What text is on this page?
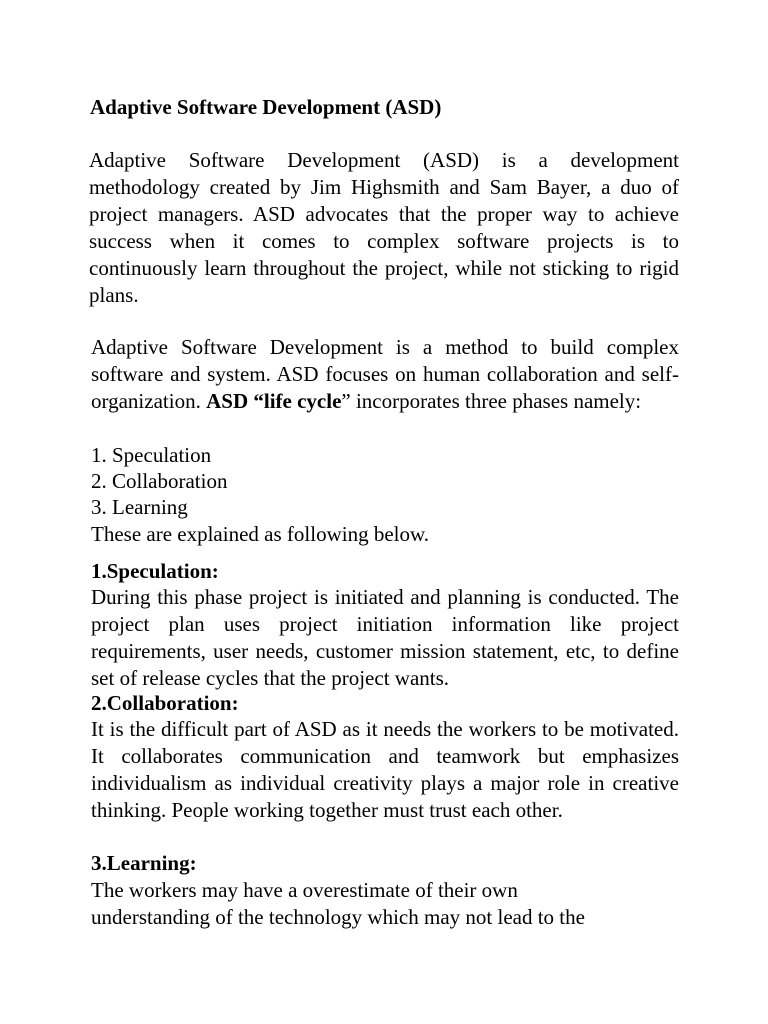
Adaptive Software Development (ASD)
Adaptive Software Development (ASD) is a development methodology created by Jim Highsmith and Sam Bayer, a duo of project managers. ASD advocates that the proper way to achieve success when it comes to complex software projects is to continuously learn throughout the project, while not sticking to rigid plans.
Adaptive Software Development is a method to build complex software and system. ASD focuses on human collaboration and self-organization. ASD “life cycle” incorporates three phases namely:
1. Speculation
2. Collaboration
3. Learning
These are explained as following below.
1.Speculation:
During this phase project is initiated and planning is conducted. The project plan uses project initiation information like project requirements, user needs, customer mission statement, etc, to define set of release cycles that the project wants.
2.Collaboration:
It is the difficult part of ASD as it needs the workers to be motivated. It collaborates communication and teamwork but emphasizes individualism as individual creativity plays a major role in creative thinking. People working together must trust each other.
3.Learning:
The workers may have a overestimate of their own understanding of the technology which may not lead to the
